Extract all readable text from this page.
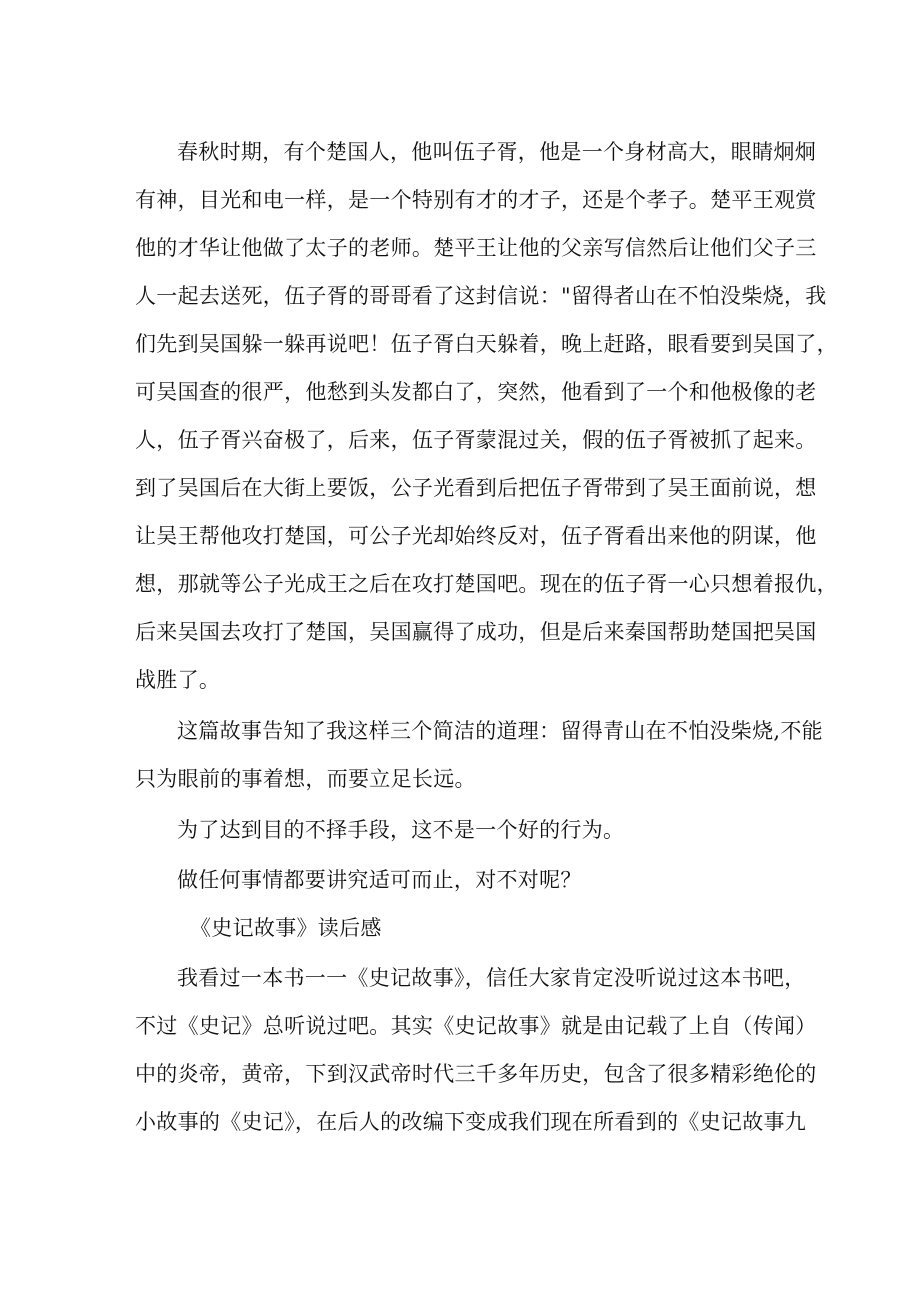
春秋时期，有个楚国人，他叫伍子胥，他是一个身材高大，眼睛炯炯
有神，目光和电一样，是一个特别有才的才子，还是个孝子。楚平王观赏
他的才华让他做了太子的老师。楚平王让他的父亲写信然后让他们父子三
人一起去送死，伍子胥的哥哥看了这封信说："留得者山在不怕没柴烧，我
们先到吴国躲一躲再说吧！伍子胥白天躲着，晚上赶路，眼看要到吴国了，
可吴国查的很严，他愁到头发都白了，突然，他看到了一个和他极像的老
人，伍子胥兴奋极了，后来，伍子胥蒙混过关，假的伍子胥被抓了起来。
到了吴国后在大街上要饭，公子光看到后把伍子胥带到了吴王面前说，想
让吴王帮他攻打楚国，可公子光却始终反对，伍子胥看出来他的阴谋，他
想，那就等公子光成王之后在攻打楚国吧。现在的伍子胥一心只想着报仇，
后来吴国去攻打了楚国，吴国赢得了成功，但是后来秦国帮助楚国把吴国
战胜了。
这篇故事告知了我这样三个简洁的道理：留得青山在不怕没柴烧,不能
只为眼前的事着想，而要立足长远。
为了达到目的不择手段，这不是一个好的行为。
做任何事情都要讲究适可而止，对不对呢？
《史记故事》读后感
我看过一本书一一《史记故事》，信任大家肯定没听说过这本书吧，
不过《史记》总听说过吧。其实《史记故事》就是由记载了上自（传闻）
中的炎帝，黄帝，下到汉武帝时代三千多年历史，包含了很多精彩绝伦的
小故事的《史记》，在后人的改编下变成我们现在所看到的《史记故事九
